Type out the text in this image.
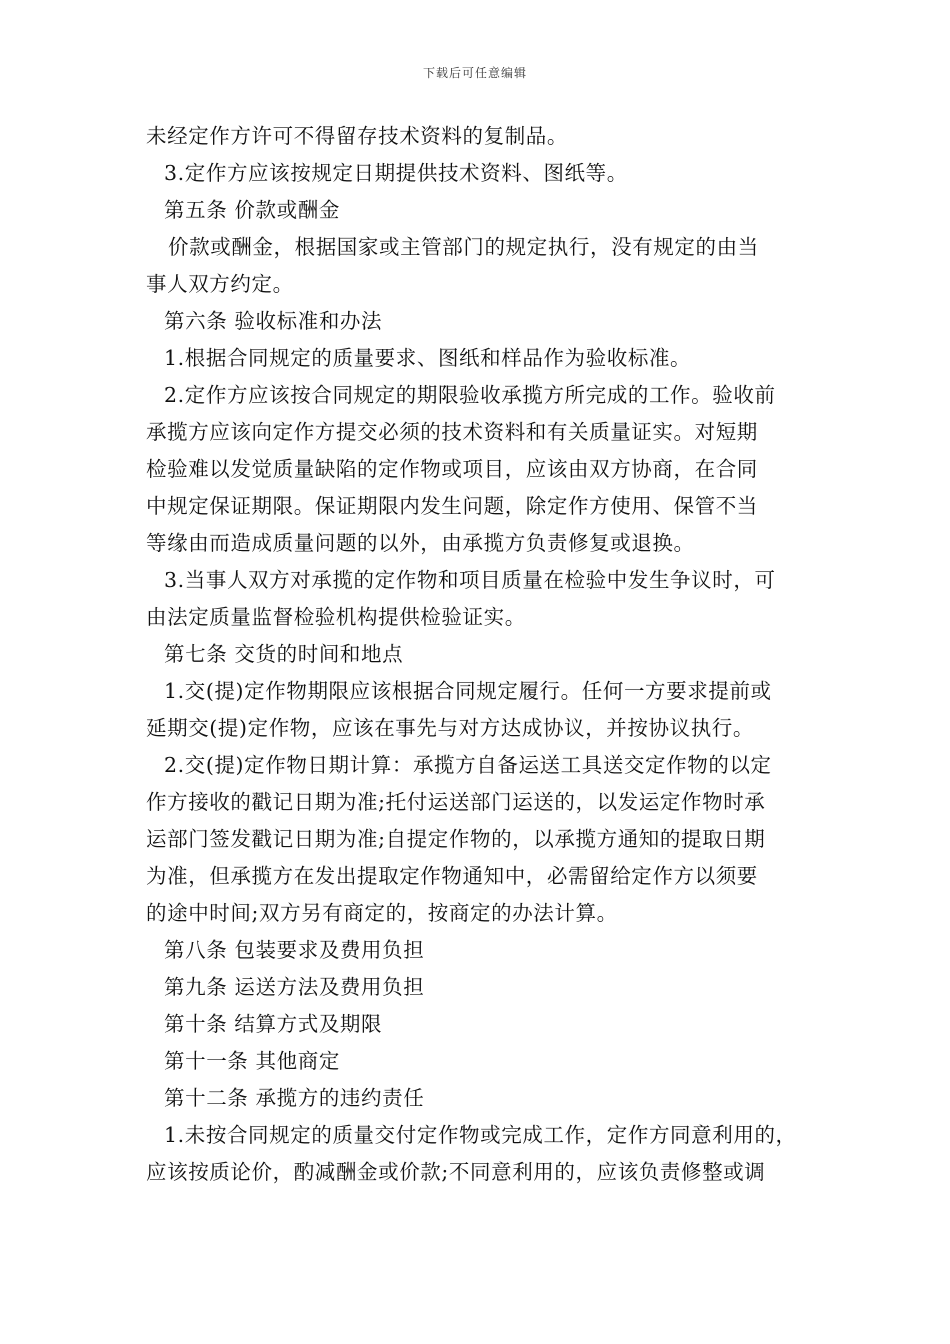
下载后可任意编辑
未经定作方许可不得留存技术资料的复制品。
3.定作方应该按规定日期提供技术资料、图纸等。
第五条 价款或酬金
价款或酬金，根据国家或主管部门的规定执行，没有规定的由当
事人双方约定。
第六条 验收标准和办法
1.根据合同规定的质量要求、图纸和样品作为验收标准。
2.定作方应该按合同规定的期限验收承揽方所完成的工作。验收前
承揽方应该向定作方提交必须的技术资料和有关质量证实。对短期
检验难以发觉质量缺陷的定作物或项目，应该由双方协商，在合同
中规定保证期限。保证期限内发生问题，除定作方使用、保管不当
等缘由而造成质量问题的以外，由承揽方负责修复或退换。
3.当事人双方对承揽的定作物和项目质量在检验中发生争议时，可
由法定质量监督检验机构提供检验证实。
第七条 交货的时间和地点
1.交(提)定作物期限应该根据合同规定履行。任何一方要求提前或
延期交(提)定作物，应该在事先与对方达成协议，并按协议执行。
2.交(提)定作物日期计算：承揽方自备运送工具送交定作物的以定
作方接收的戳记日期为准;托付运送部门运送的，以发运定作物时承
运部门签发戳记日期为准;自提定作物的，以承揽方通知的提取日期
为准，但承揽方在发出提取定作物通知中，必需留给定作方以须要
的途中时间;双方另有商定的，按商定的办法计算。
第八条 包装要求及费用负担
第九条 运送方法及费用负担
第十条 结算方式及期限
第十一条 其他商定
第十二条 承揽方的违约责任
1.未按合同规定的质量交付定作物或完成工作，定作方同意利用的，
应该按质论价，酌减酬金或价款;不同意利用的，应该负责修整或调
